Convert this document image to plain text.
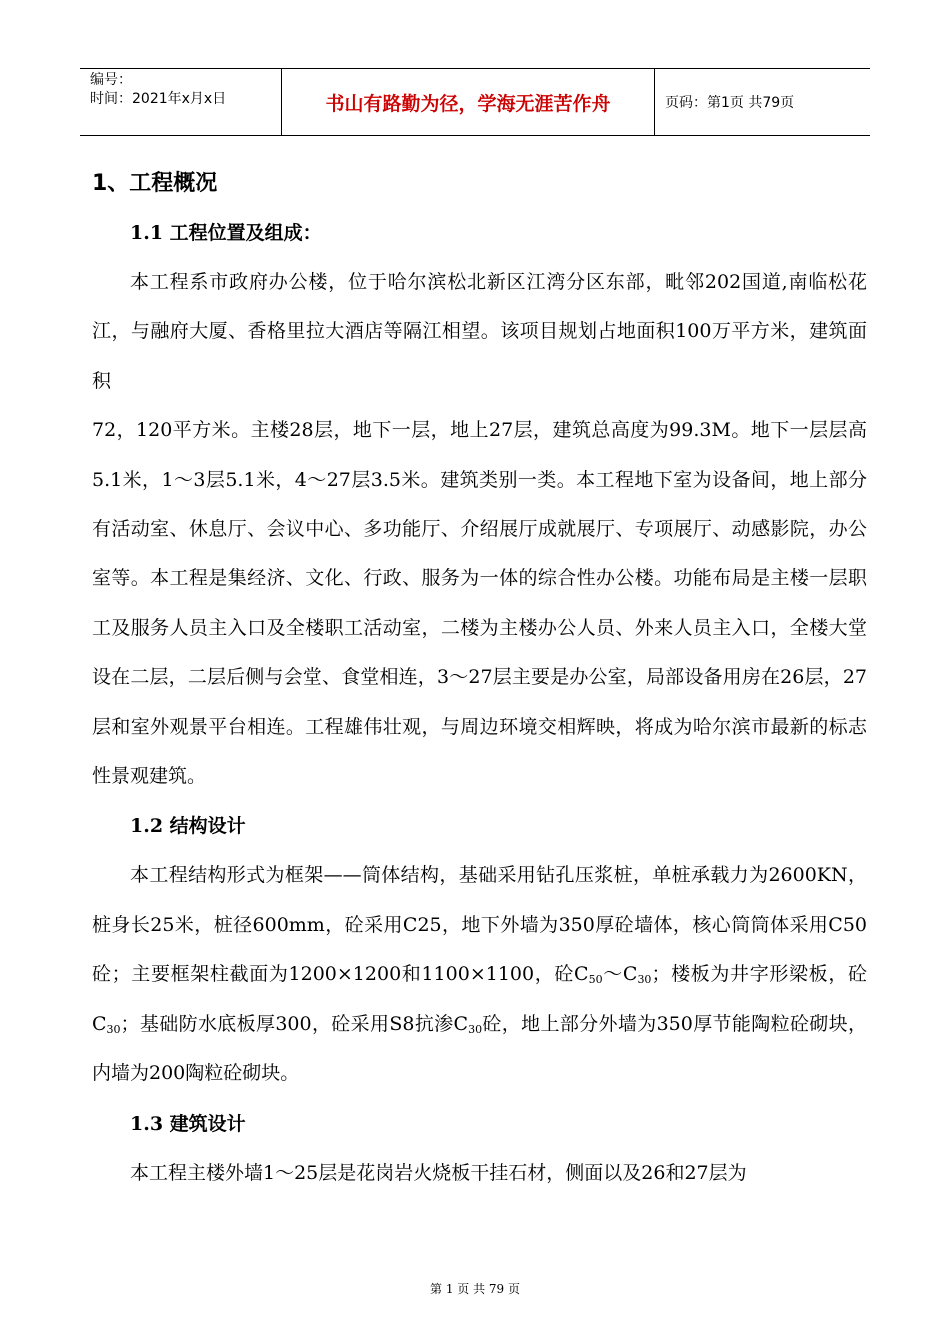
编号：
时间：2021年x月x日	书山有路勤为径，学海无涯苦作舟	页码：第1页 共79页
1、工程概况
1.1 工程位置及组成：

本工程系市政府办公楼，位于哈尔滨松北新区江湾分区东部，毗邻202国道,南临松花江，与融府大厦、香格里拉大酒店等隔江相望。该项目规划占地面积100万平方米，建筑面积

72，120平方米。主楼28层，地下一层，地上27层，建筑总高度为99.3M。地下一层层高5.1米，1～3层5.1米，4～27层3.5米。建筑类别一类。本工程地下室为设备间，地上部分有活动室、休息厅、会议中心、多功能厅、介绍展厅成就展厅、专项展厅、动感影院，办公室等。本工程是集经济、文化、行政、服务为一体的综合性办公楼。功能布局是主楼一层职工及服务人员主入口及全楼职工活动室，二楼为主楼办公人员、外来人员主入口，全楼大堂设在二层，二层后侧与会堂、食堂相连，3～27层主要是办公室，局部设备用房在26层，27层和室外观景平台相连。工程雄伟壮观，与周边环境交相辉映，将成为哈尔滨市最新的标志性景观建筑。

1.2 结构设计

本工程结构形式为框架——筒体结构，基础采用钻孔压浆桩，单桩承载力为2600KN，桩身长25米，桩径600mm，砼采用C25，地下外墙为350厚砼墙体，核心筒筒体采用C50砼；主要框架柱截面为1200×1200和1100×1100，砼$C_{50}\sim C_{30}$；楼板为井字形梁板，砼$C_{30}$；基础防水底板厚300，砼采用S8抗渗$C_{30}$砼，地上部分外墙为350厚节能陶粒砼砌块，内墙为200陶粒砼砌块。

1.3 建筑设计

本工程主楼外墙1～25层是花岗岩火烧板干挂石材，侧面以及26和27层为

第 1 页 共 79 页
